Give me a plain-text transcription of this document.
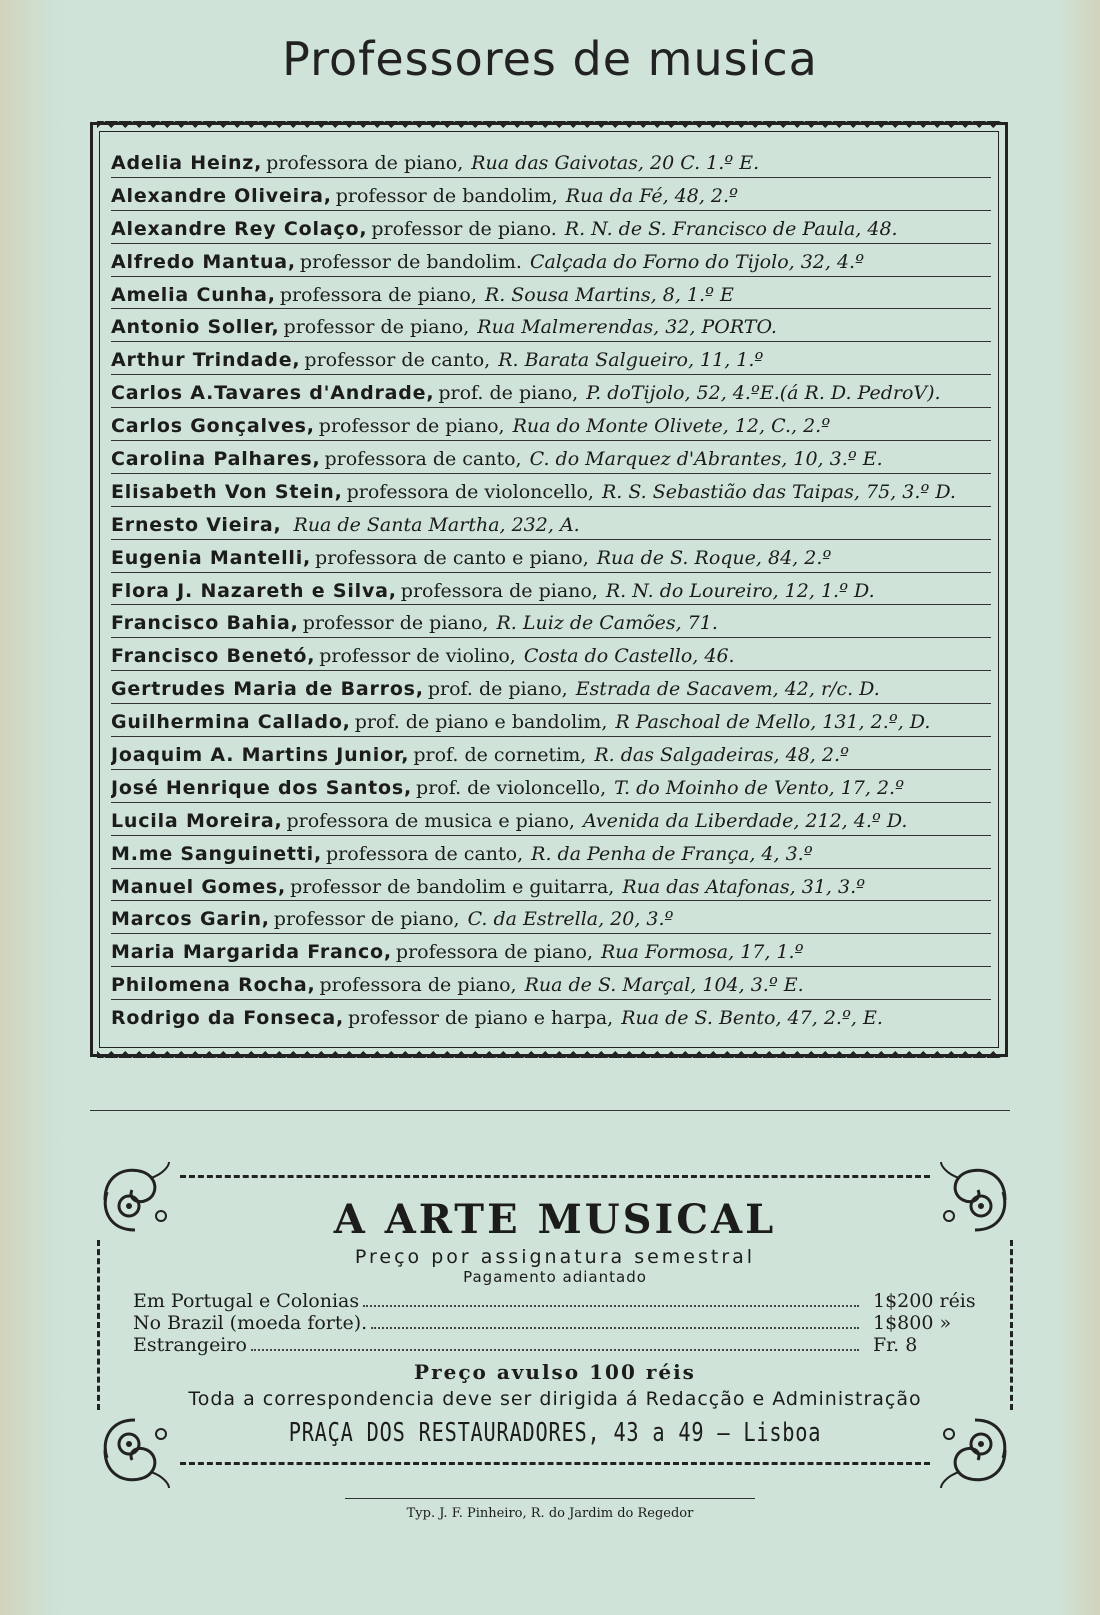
Professores de musica
Adelia Heinz, professora de piano, Rua das Gaivotas, 20 C. 1.º E.
Alexandre Oliveira, professor de bandolim, Rua da Fé, 48, 2.º
Alexandre Rey Colaço, professor de piano. R. N. de S. Francisco de Paula, 48.
Alfredo Mantua, professor de bandolim. Calçada do Forno do Tijolo, 32, 4.º
Amelia Cunha, professora de piano, R. Sousa Martins, 8, 1.º E
Antonio Soller, professor de piano, Rua Malmerendas, 32, PORTO.
Arthur Trindade, professor de canto, R. Barata Salgueiro, 11, 1.º
Carlos A.Tavares d'Andrade, prof. de piano, P. doTijolo, 52, 4.ºE.(á R. D. PedroV).
Carlos Gonçalves, professor de piano, Rua do Monte Olivete, 12, C., 2.º
Carolina Palhares, professora de canto, C. do Marquez d'Abrantes, 10, 3.º E.
Elisabeth Von Stein, professora de violoncello, R. S. Sebastião das Taipas, 75, 3.º D.
Ernesto Vieira, Rua de Santa Martha, 232, A.
Eugenia Mantelli, professora de canto e piano, Rua de S. Roque, 84, 2.º
Flora J. Nazareth e Silva, professora de piano, R. N. do Loureiro, 12, 1.º D.
Francisco Bahia, professor de piano, R. Luiz de Camões, 71.
Francisco Benetó, professor de violino, Costa do Castello, 46.
Gertrudes Maria de Barros, prof. de piano, Estrada de Sacavem, 42, r/c. D.
Guilhermina Callado, prof. de piano e bandolim, R Paschoal de Mello, 131, 2.º, D.
Joaquim A. Martins Junior, prof. de cornetim, R. das Salgadeiras, 48, 2.º
José Henrique dos Santos, prof. de violoncello, T. do Moinho de Vento, 17, 2.º
Lucila Moreira, professora de musica e piano, Avenida da Liberdade, 212, 4.º D.
M.me Sanguinetti, professora de canto, R. da Penha de França, 4, 3.º
Manuel Gomes, professor de bandolim e guitarra, Rua das Atafonas, 31, 3.º
Marcos Garin, professor de piano, C. da Estrella, 20, 3.º
Maria Margarida Franco, professora de piano, Rua Formosa, 17, 1.º
Philomena Rocha, professora de piano, Rua de S. Marçal, 104, 3.º E.
Rodrigo da Fonseca, professor de piano e harpa, Rua de S. Bento, 47, 2.º, E.
A ARTE MUSICAL
Preço por assignatura semestral
Pagamento adiantado
Em Portugal e Colonias	1$200 réis
No Brazil (moeda forte).	1$800 »
Estrangeiro	Fr. 8
Preço avulso 100 réis
Toda a correspondencia deve ser dirigida á Redacção e Administração
PRAÇA DOS RESTAURADORES, 43 a 49 — Lisboa
Typ. J. F. Pinheiro, R. do Jardim do Regedor
